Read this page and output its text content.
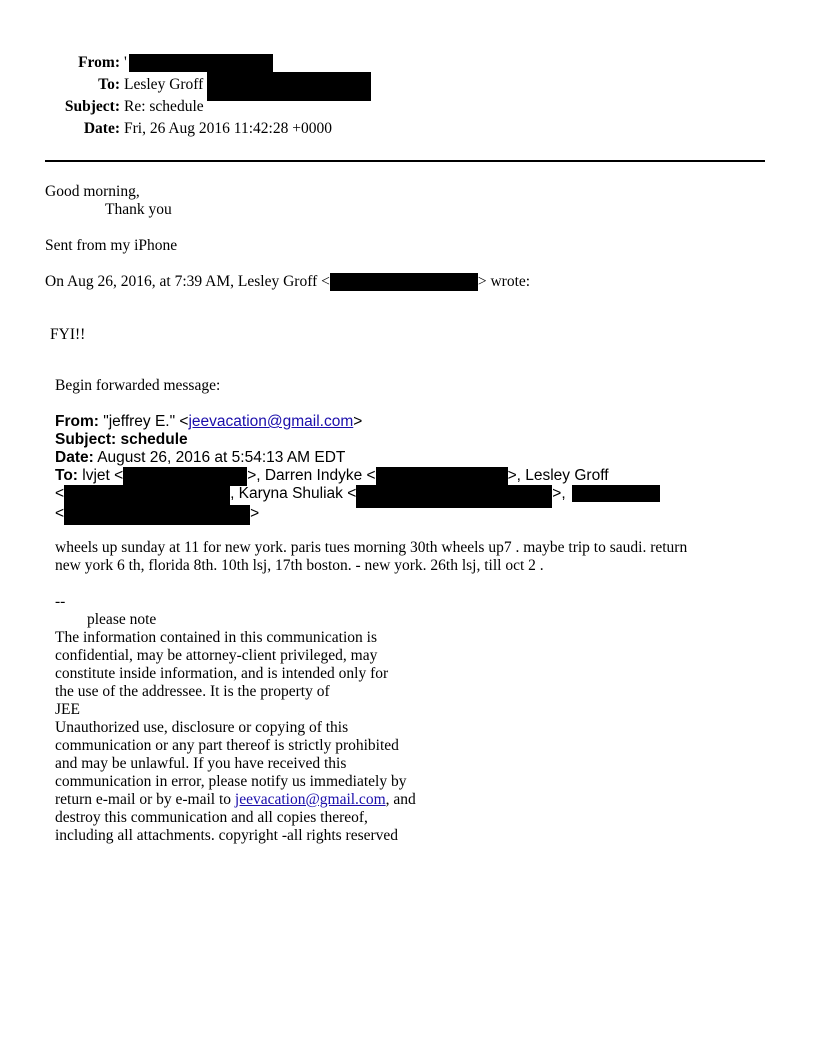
From: '
To: Lesley Groff
Subject: Re: schedule
Date: Fri, 26 Aug 2016 11:42:28 +0000
Good morning,
Thank you
Sent from my iPhone
On Aug 26, 2016, at 7:39 AM, Lesley Groff <	> wrote:
FYI!!
Begin forwarded message:
From: "jeffrey E." <jeevacation@gmail.com>
Subject: schedule
Date: August 26, 2016 at 5:54:13 AM EDT
To: lvjet <	>, Darren Indyke <	>, Lesley Groff
<	, Karyna Shuliak <	>,
<	>
wheels up sunday at 11 for new york. paris tues morning 30th wheels up7 . maybe trip to saudi. return
new york 6 th, florida 8th. 10th lsj, 17th boston. - new york. 26th lsj, till oct 2 .
--
please note
The information contained in this communication is
confidential, may be attorney-client privileged, may
constitute inside information, and is intended only for
the use of the addressee. It is the property of
JEE
Unauthorized use, disclosure or copying of this
communication or any part thereof is strictly prohibited
and may be unlawful. If you have received this
communication in error, please notify us immediately by
return e-mail or by e-mail to jeevacation@gmail.com, and
destroy this communication and all copies thereof,
including all attachments. copyright -all rights reserved
